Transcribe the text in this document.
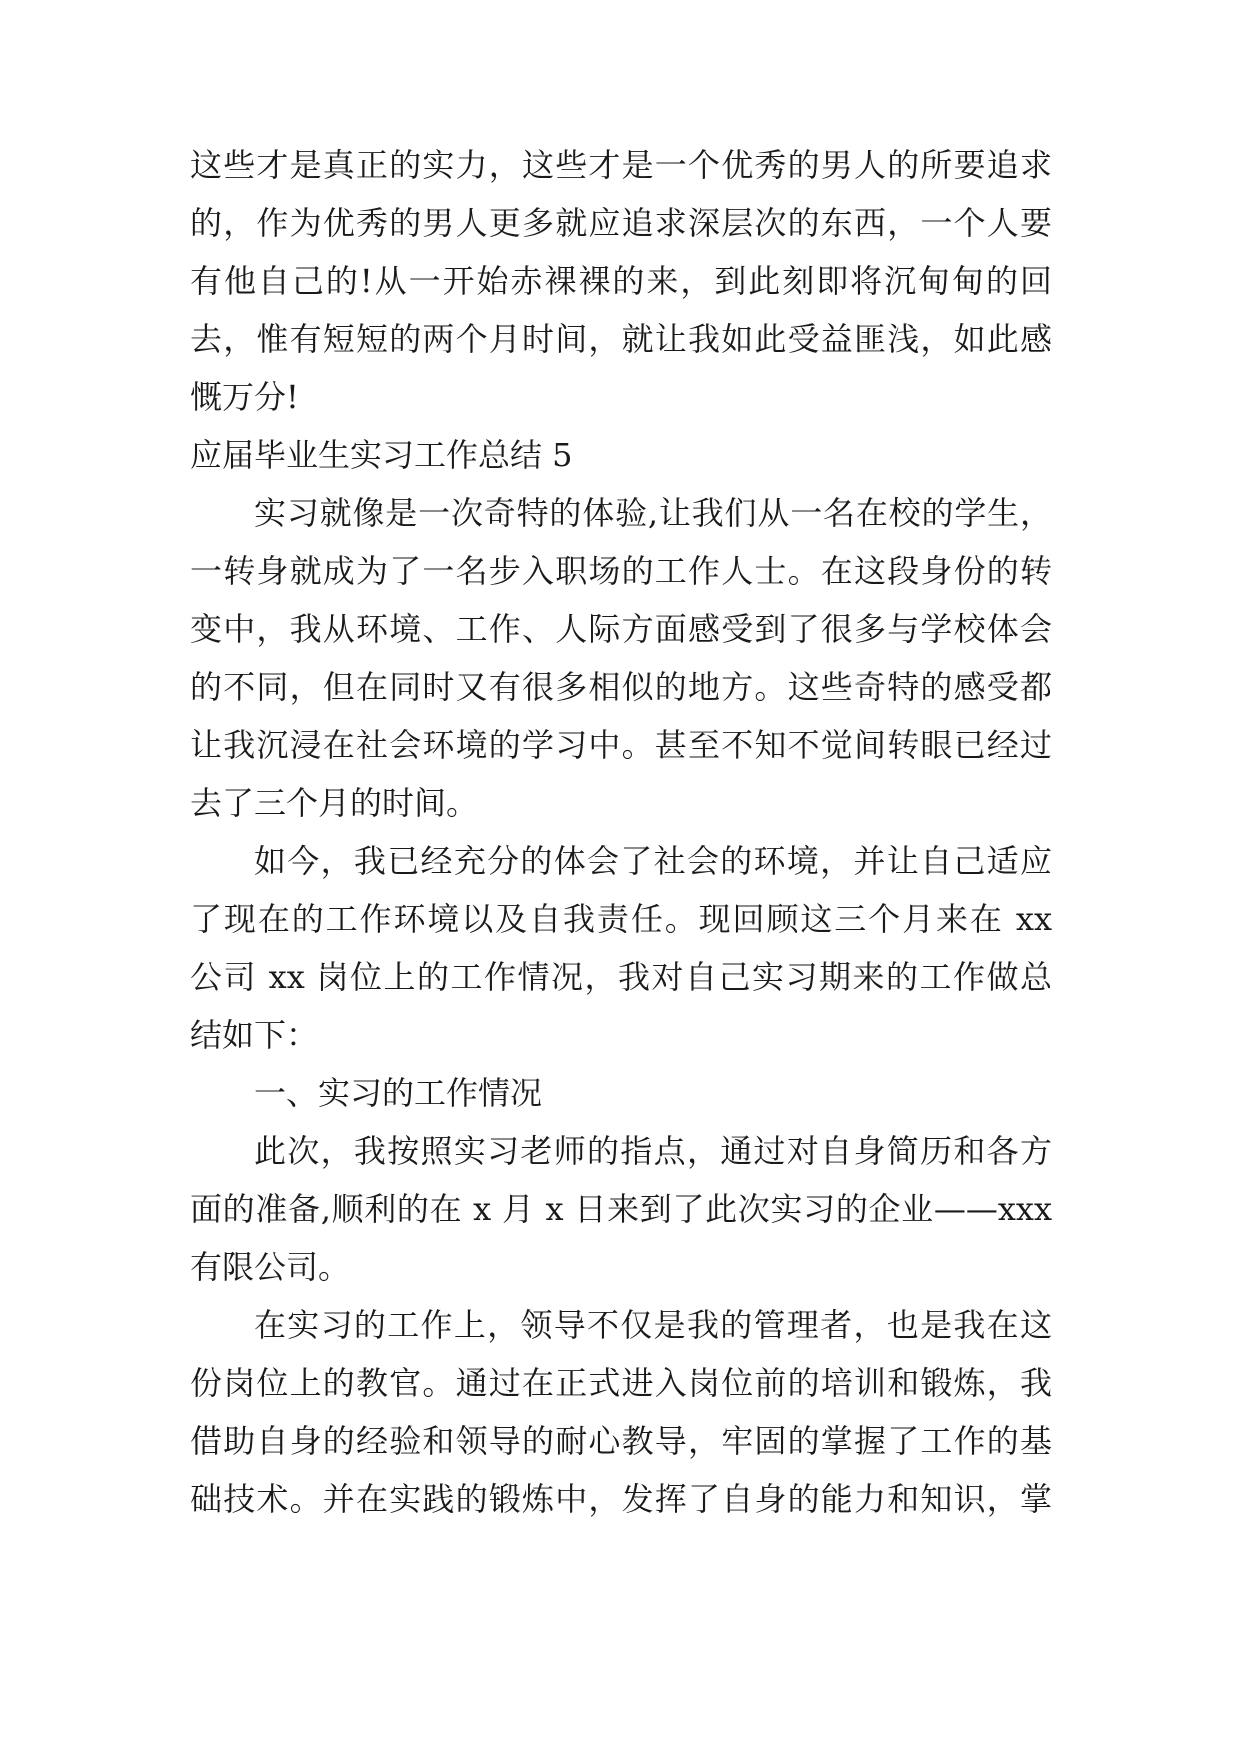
这些才是真正的实力，这些才是一个优秀的男人的所要追求
的，作为优秀的男人更多就应追求深层次的东西，一个人要
有他自己的!从一开始赤裸裸的来，到此刻即将沉甸甸的回
去，惟有短短的两个月时间，就让我如此受益匪浅，如此感
慨万分!
应届毕业生实习工作总结 5
实习就像是一次奇特的体验,让我们从一名在校的学生，
一转身就成为了一名步入职场的工作人士。在这段身份的转
变中，我从环境、工作、人际方面感受到了很多与学校体会
的不同，但在同时又有很多相似的地方。这些奇特的感受都
让我沉浸在社会环境的学习中。甚至不知不觉间转眼已经过
去了三个月的时间。
如今，我已经充分的体会了社会的环境，并让自己适应
了现在的工作环境以及自我责任。现回顾这三个月来在 xx
公司 xx 岗位上的工作情况，我对自己实习期来的工作做总
结如下：
一、实习的工作情况
此次，我按照实习老师的指点，通过对自身简历和各方
面的准备,顺利的在 x 月 x 日来到了此次实习的企业——xxx
有限公司。
在实习的工作上，领导不仅是我的管理者，也是我在这
份岗位上的教官。通过在正式进入岗位前的培训和锻炼，我
借助自身的经验和领导的耐心教导，牢固的掌握了工作的基
础技术。并在实践的锻炼中，发挥了自身的能力和知识，掌
